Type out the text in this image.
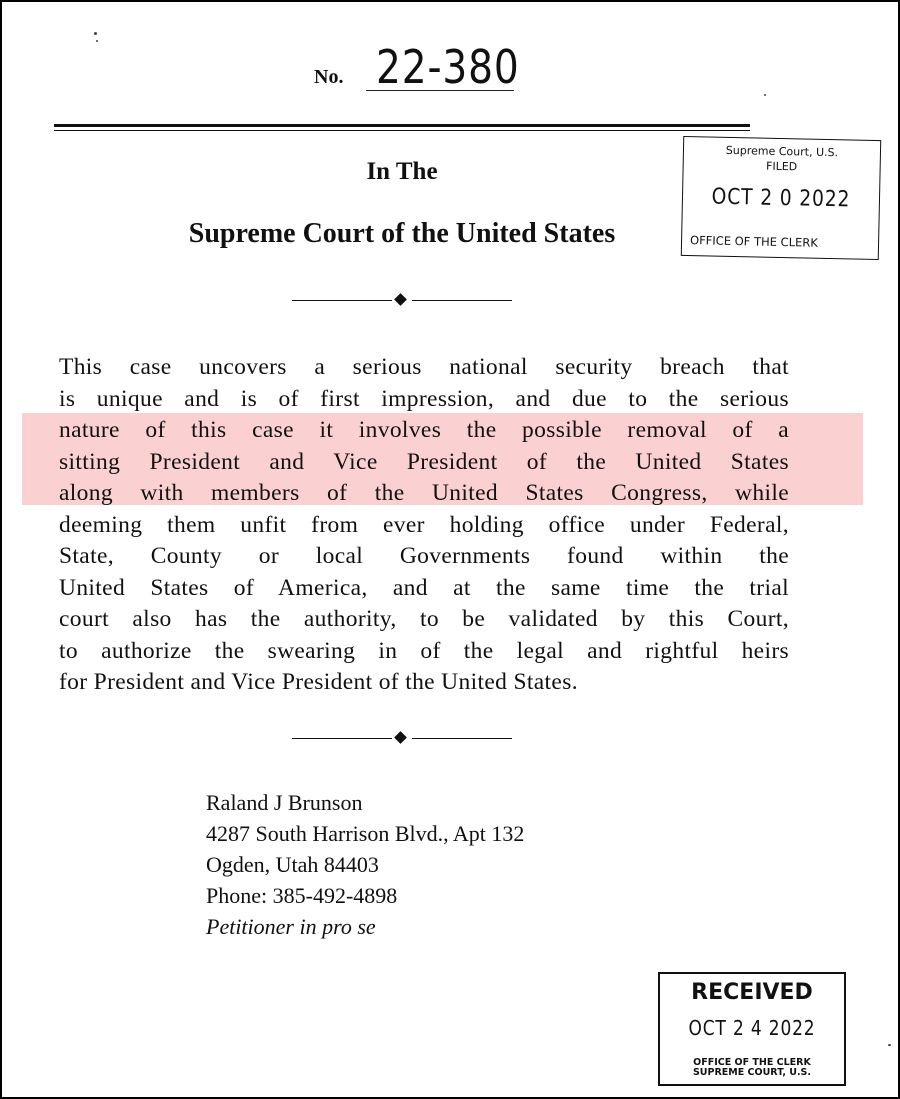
No. 22-380
In The
Supreme Court of the United States
Supreme Court, U.S.
FILED
OCT 2 0 2022
OFFICE OF THE CLERK
This case uncovers a serious national security breach that
is unique and is of first impression, and due to the serious
nature of this case it involves the possible removal of a
sitting President and Vice President of the United States
along with members of the United States Congress, while
deeming them unfit from ever holding office under Federal,
State, County or local Governments found within the
United States of America, and at the same time the trial
court also has the authority, to be validated by this Court,
to authorize the swearing in of the legal and rightful heirs
for President and Vice President of the United States.
Raland J Brunson
4287 South Harrison Blvd., Apt 132
Ogden, Utah 84403
Phone: 385-492-4898
Petitioner in pro se
RECEIVED
OCT 2 4 2022
OFFICE OF THE CLERK
SUPREME COURT, U.S.
